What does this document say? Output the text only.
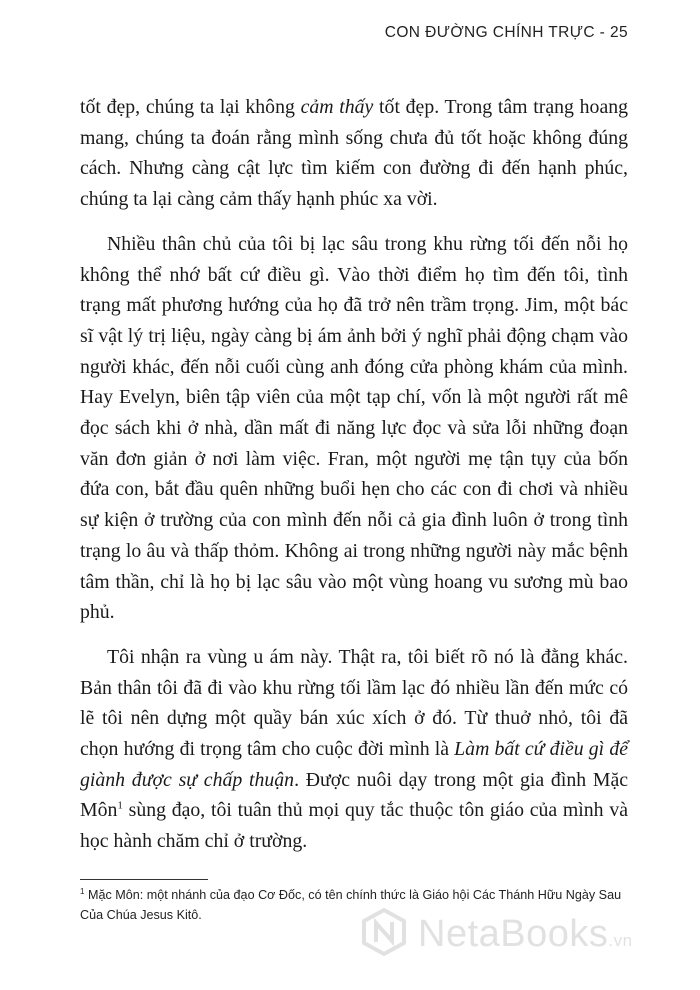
CON ĐƯỜNG CHÍNH TRỰC - 25

tốt đẹp, chúng ta lại không cảm thấy tốt đẹp. Trong tâm trạng hoang mang, chúng ta đoán rằng mình sống chưa đủ tốt hoặc không đúng cách. Nhưng càng cật lực tìm kiếm con đường đi đến hạnh phúc, chúng ta lại càng cảm thấy hạnh phúc xa vời.

Nhiều thân chủ của tôi bị lạc sâu trong khu rừng tối đến nỗi họ không thể nhớ bất cứ điều gì. Vào thời điểm họ tìm đến tôi, tình trạng mất phương hướng của họ đã trở nên trầm trọng. Jim, một bác sĩ vật lý trị liệu, ngày càng bị ám ảnh bởi ý nghĩ phải động chạm vào người khác, đến nỗi cuối cùng anh đóng cửa phòng khám của mình. Hay Evelyn, biên tập viên của một tạp chí, vốn là một người rất mê đọc sách khi ở nhà, dần mất đi năng lực đọc và sửa lỗi những đoạn văn đơn giản ở nơi làm việc. Fran, một người mẹ tận tụy của bốn đứa con, bắt đầu quên những buổi hẹn cho các con đi chơi và nhiều sự kiện ở trường của con mình đến nỗi cả gia đình luôn ở trong tình trạng lo âu và thấp thỏm. Không ai trong những người này mắc bệnh tâm thần, chỉ là họ bị lạc sâu vào một vùng hoang vu sương mù bao phủ.

Tôi nhận ra vùng u ám này. Thật ra, tôi biết rõ nó là đằng khác. Bản thân tôi đã đi vào khu rừng tối lầm lạc đó nhiều lần đến mức có lẽ tôi nên dựng một quầy bán xúc xích ở đó. Từ thuở nhỏ, tôi đã chọn hướng đi trọng tâm cho cuộc đời mình là Làm bất cứ điều gì để giành được sự chấp thuận. Được nuôi dạy trong một gia đình Mặc Môn$^1$ sùng đạo, tôi tuân thủ mọi quy tắc thuộc tôn giáo của mình và học hành chăm chỉ ở trường.

$^1$ Mặc Môn: một nhánh của đạo Cơ Đốc, có tên chính thức là Giáo hội Các Thánh Hữu Ngày Sau Của Chúa Jesus Kitô.	NetaBooks.vn
